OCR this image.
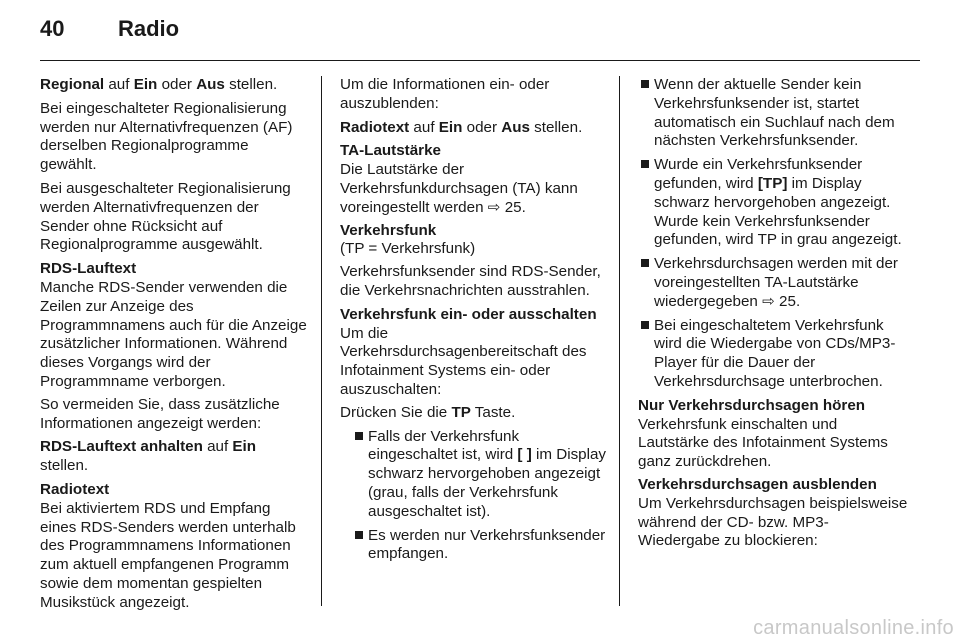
40 Radio

Regional auf Ein oder Aus stellen.

Bei eingeschalteter Regionalisierung werden nur Alternativfrequenzen (AF) derselben Regionalprogramme gewählt.

Bei ausgeschalteter Regionalisierung werden Alternativfrequenzen der Sender ohne Rücksicht auf Regionalprogramme ausgewählt.

RDS-Lauftext
Manche RDS-Sender verwenden die Zeilen zur Anzeige des Programmnamens auch für die Anzeige zusätzlicher Informationen. Während dieses Vorgangs wird der Programmname verborgen.

So vermeiden Sie, dass zusätzliche Informationen angezeigt werden:

RDS-Lauftext anhalten auf Ein stellen.

Radiotext
Bei aktiviertem RDS und Empfang eines RDS-Senders werden unterhalb des Programmnamens Informationen zum aktuell empfangenen Programm sowie dem momentan gespielten Musikstück angezeigt.

Um die Informationen ein- oder auszublenden:

Radiotext auf Ein oder Aus stellen.

TA-Lautstärke
Die Lautstärke der Verkehrsfunkdurchsagen (TA) kann voreingestellt werden ⇨ 25.
Verkehrsfunk
(TP = Verkehrsfunk)

Verkehrsfunksender sind RDS-Sender, die Verkehrsnachrichten ausstrahlen.

Verkehrsfunk ein- oder ausschalten
Um die Verkehrsdurchsagenbereitschaft des Infotainment Systems ein- oder auszuschalten:

Drücken Sie die TP Taste.

Falls der Verkehrsfunk eingeschaltet ist, wird [ ] im Display schwarz hervorgehoben angezeigt (grau, falls der Verkehrsfunk ausgeschaltet ist).
Es werden nur Verkehrsfunksender empfangen.
Wenn der aktuelle Sender kein Verkehrsfunksender ist, startet automatisch ein Suchlauf nach dem nächsten Verkehrsfunksender.
Wurde ein Verkehrsfunksender gefunden, wird [TP] im Display schwarz hervorgehoben angezeigt. Wurde kein Verkehrsfunksender gefunden, wird TP in grau angezeigt.
Verkehrsdurchsagen werden mit der voreingestellten TA-Lautstärke wiedergegeben ⇨ 25.
Bei eingeschaltetem Verkehrsfunk wird die Wiedergabe von CDs/MP3-Player für die Dauer der Verkehrsdurchsage unterbrochen.
Nur Verkehrsdurchsagen hören
Verkehrsfunk einschalten und Lautstärke des Infotainment Systems ganz zurückdrehen.
Verkehrsdurchsagen ausblenden
Um Verkehrsdurchsagen beispielsweise während der CD- bzw. MP3-Wiedergabe zu blockieren:
carmanualsonline.info
